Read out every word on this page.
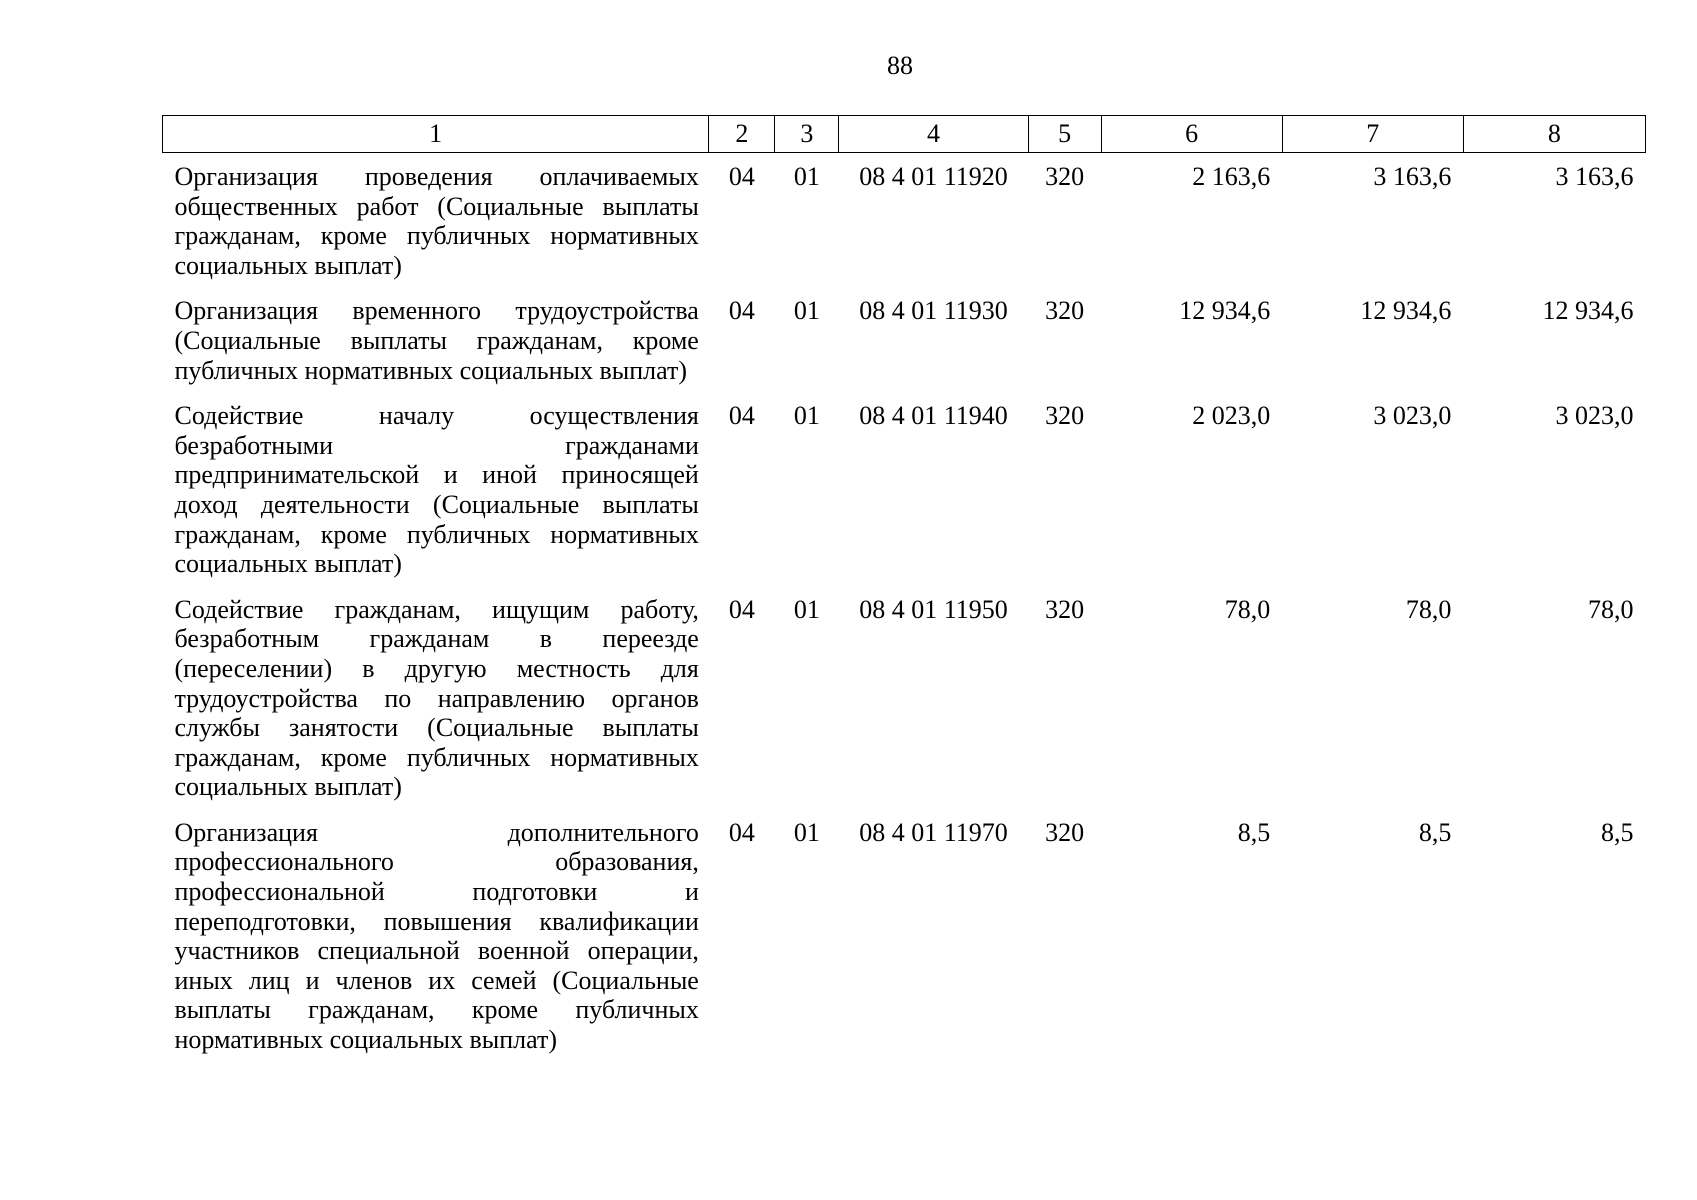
88
1	2	3	4	5	6	7	8
Организация проведения оплачиваемых общественных работ (Социальные выплаты гражданам, кроме публичных нормативных социальных выплат)	04	01	08 4 01 11920	320	2 163,6	3 163,6	3 163,6

Организация временного трудоустройства (Социальные выплаты гражданам, кроме публичных нормативных социальных выплат)	04	01	08 4 01 11930	320	12 934,6	12 934,6	12 934,6

Содействие началу осуществления безработными гражданами предпринимательской и иной приносящей доход деятельности (Социальные выплаты гражданам, кроме публичных нормативных социальных выплат)	04	01	08 4 01 11940	320	2 023,0	3 023,0	3 023,0

Содействие гражданам, ищущим работу, безработным гражданам в переезде (переселении) в другую местность для трудоустройства по направлению органов службы занятости (Социальные выплаты гражданам, кроме публичных нормативных социальных выплат)	04	01	08 4 01 11950	320	78,0	78,0	78,0

Организация дополнительного профессионального образования, профессиональной подготовки и переподготовки, повышения квалификации участников специальной военной операции, иных лиц и членов их семей (Социальные выплаты гражданам, кроме публичных нормативных социальных выплат)	04	01	08 4 01 11970	320	8,5	8,5	8,5
